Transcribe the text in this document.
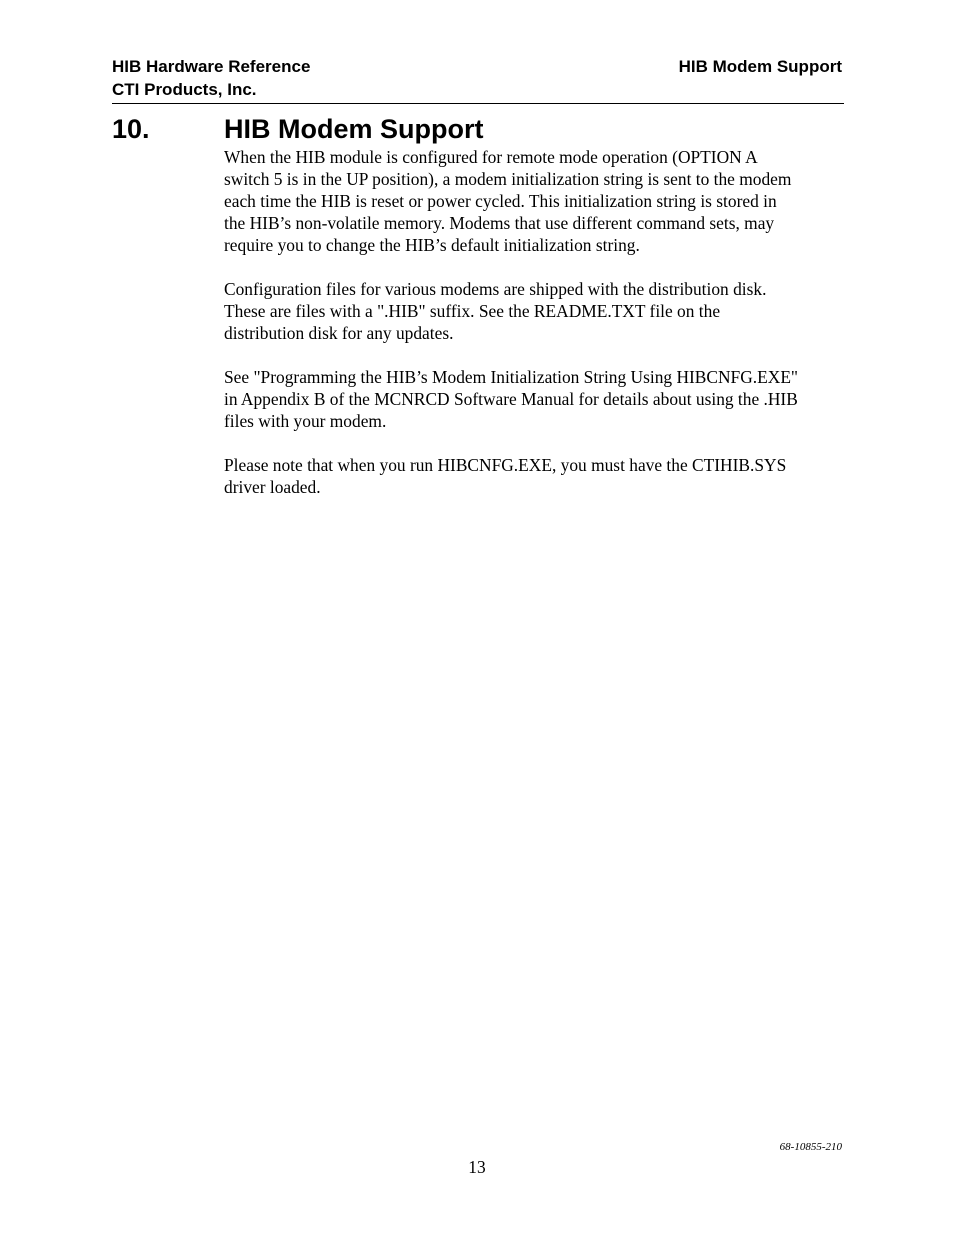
HIB Hardware Reference
CTI Products, Inc.
HIB Modem Support
10.	HIB Modem Support

When the HIB module is configured for remote mode operation (OPTION A
switch 5 is in the UP position), a modem initialization string is sent to the modem
each time the HIB is reset or power cycled. This initialization string is stored in
the HIB’s non-volatile memory. Modems that use different command sets, may
require you to change the HIB’s default initialization string.

Configuration files for various modems are shipped with the distribution disk.
These are files with a ".HIB" suffix. See the README.TXT file on the
distribution disk for any updates.

See "Programming the HIB’s Modem Initialization String Using HIBCNFG.EXE"
in Appendix B of the MCNRCD Software Manual for details about using the .HIB
files with your modem.

Please note that when you run HIBCNFG.EXE, you must have the CTIHIB.SYS
driver loaded.

68-10855-210
13
